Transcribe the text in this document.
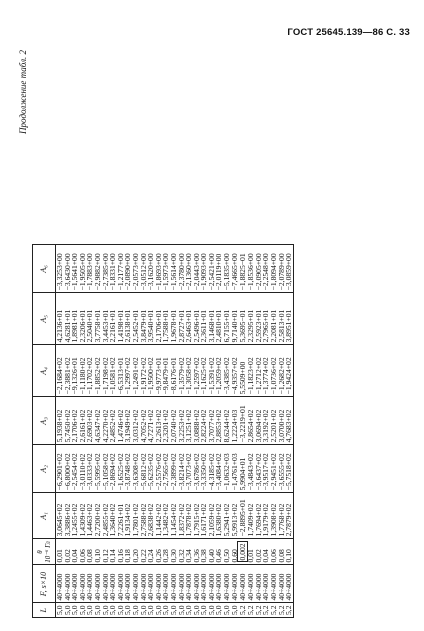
ГОСТ 25645.139—86 С. 33
Продолжение табл. 2
L	F, s×10	θ
10⁻⁶ Гл	A₁	A₂	A₃	A₄	A₅	A₆
5,0	40÷4000	0,01	3,0645+02	−6,2901+02	5,1938+02	−2,1684+02	4,2136+01	−3,3253+00
5,0	40÷4000	0,02	3,3886+02	−6,8000+02	5,7450+02	−2,3881+02	4,6281+01	−3,6430+00
5,0	40÷4000	0,04	1,2455+02	−2,5454+02	2,1706+02	−9,1326+01	1,8981+01	−1,5641+00
5,0	40÷4000	0,06	1,4309+02	−3,0110+02	2,6161+02	−1,1180+02	2,3206+01	−1,9505+00
5,0	40÷4000	0,08	1,4463+02	−3,0333+02	2,6903+02	−1,1702+02	2,5040+01	−1,7883+00
5,0	40÷4000	0,10	2,7200+02	−5,5995+02	4,6347+02	−1,8852+02	3,7758+01	−2,9882+00
5,0	40÷4000	0,12	2,4855+02	−5,1058+02	4,2270+02	−1,7198+02	3,4453+01	−2,7385+00
5,0	40÷4000	0,14	1,3640+02	−2,8694+02	2,4852+02	−1,0581+02	2,2161+01	−1,8331+00
5,0	40÷4000	0,16	7,2261+01	−1,6525+02	1,4746+02	−6,5313+01	1,4198+01	−1,2177+00
5,0	40÷4000	0,18	1,9134+02	−3,8748+02	3,1949+02	−1,2997+02	2,6138+01	−2,0890+00
5,0	40÷4000	0,20	1,7801+02	−3,6308+02	3,0312+02	−1,2491+02	2,5452+01	−2,0573+00
5,0	40÷4000	0,22	2,7588+02	−5,6812+02	4,7052+02	−1,9172+02	3,8479+01	−3,0512+00
5,0	40÷4000	0,24	2,6838+02	−5,6235+02	4,7271+02	−1,9500+02	3,9540+01	−3,1620+00
5,0	40÷4000	0,26	1,1442+02	−2,5576+02	2,2613+02	−9,9773+01	2,1706+01	−1,8693+00
5,0	40÷4000	0,28	1,3482+02	−2,7565+02	2,3201+02	−9,8479+01	1,7588+01	−1,5973+00
5,0	40÷4000	0,30	1,1454+02	−2,3899+02	2,0740+02	−8,6176+01	1,9678+01	−1,5614+00
5,0	40÷4000	0,32	1,8372+02	−3,8214+02	3,2253+02	−1,3579+02	2,8727+01	−2,3780+00
5,0	40÷4000	0,34	1,7878+02	−3,7073+02	3,1251+02	−1,3058+02	2,6463+01	−2,1360+00
5,0	40÷4000	0,36	1,7915+02	−3,6786+02	3,0888+02	−1,2597+02	2,5496+01	−2,0443+00
5,0	40÷4000	0,38	1,6171+02	−3,3350+02	2,8224+02	−1,1625+02	2,3611+01	−1,9093+00
5,0	40÷4000	0,40	2,1059+02	−4,3185+02	3,7077+02	−1,5391+02	3,1468+01	−2,5421+00
5,0	40÷4000	0,46	1,6380+02	−3,4084+02	2,8853+02	−1,2059+02	2,4810+01	−2,0119+00
5,0	40÷4000	0,50	5,2941+02	−1,0632+03	8,6244+02	−3,4385+02	6,7155+01	−5,1835+00
5,0	40÷4000	0,60	5,9913+02	−1,4761+03	1,2224+03	−4,9357+02	9,7140+01	−7,4665+00
5,2	40÷4000	0,002	−2,8895+01	5,9904+01	−3,2219+01	5,5509+00	5,3695−01	−1,8825−01
5,2	40÷4000	0,01	1,7409+02	−3,4843+02	2,8654+02	−1,1823+02	2,3295+01	−1,8536+00
5,2	40÷4000	0,02	1,7694+02	−3,6437+02	3,0694+02	−1,2712+02	2,5923+01	−2,0905+00
5,2	40÷4000	0,04	1,9179+02	−3,9517+02	3,3192+02	−1,3774+02	2,7965+01	−2,2548+00
5,2	40÷4000	0,06	1,3908+02	−2,9451+02	2,5201+02	−1,0736+02	2,2081+01	−1,8094+00
5,2	40÷4000	0,08	1,7768+02	−3,6555+02	3,0700+02	−1,2682+02	2,5813+01	−2,0789+00
5,2	40÷4000	0,10	2,7879+02	−5,7518+02	4,7683+02	−1,9424+02	3,8951+01	−3,0859+00
